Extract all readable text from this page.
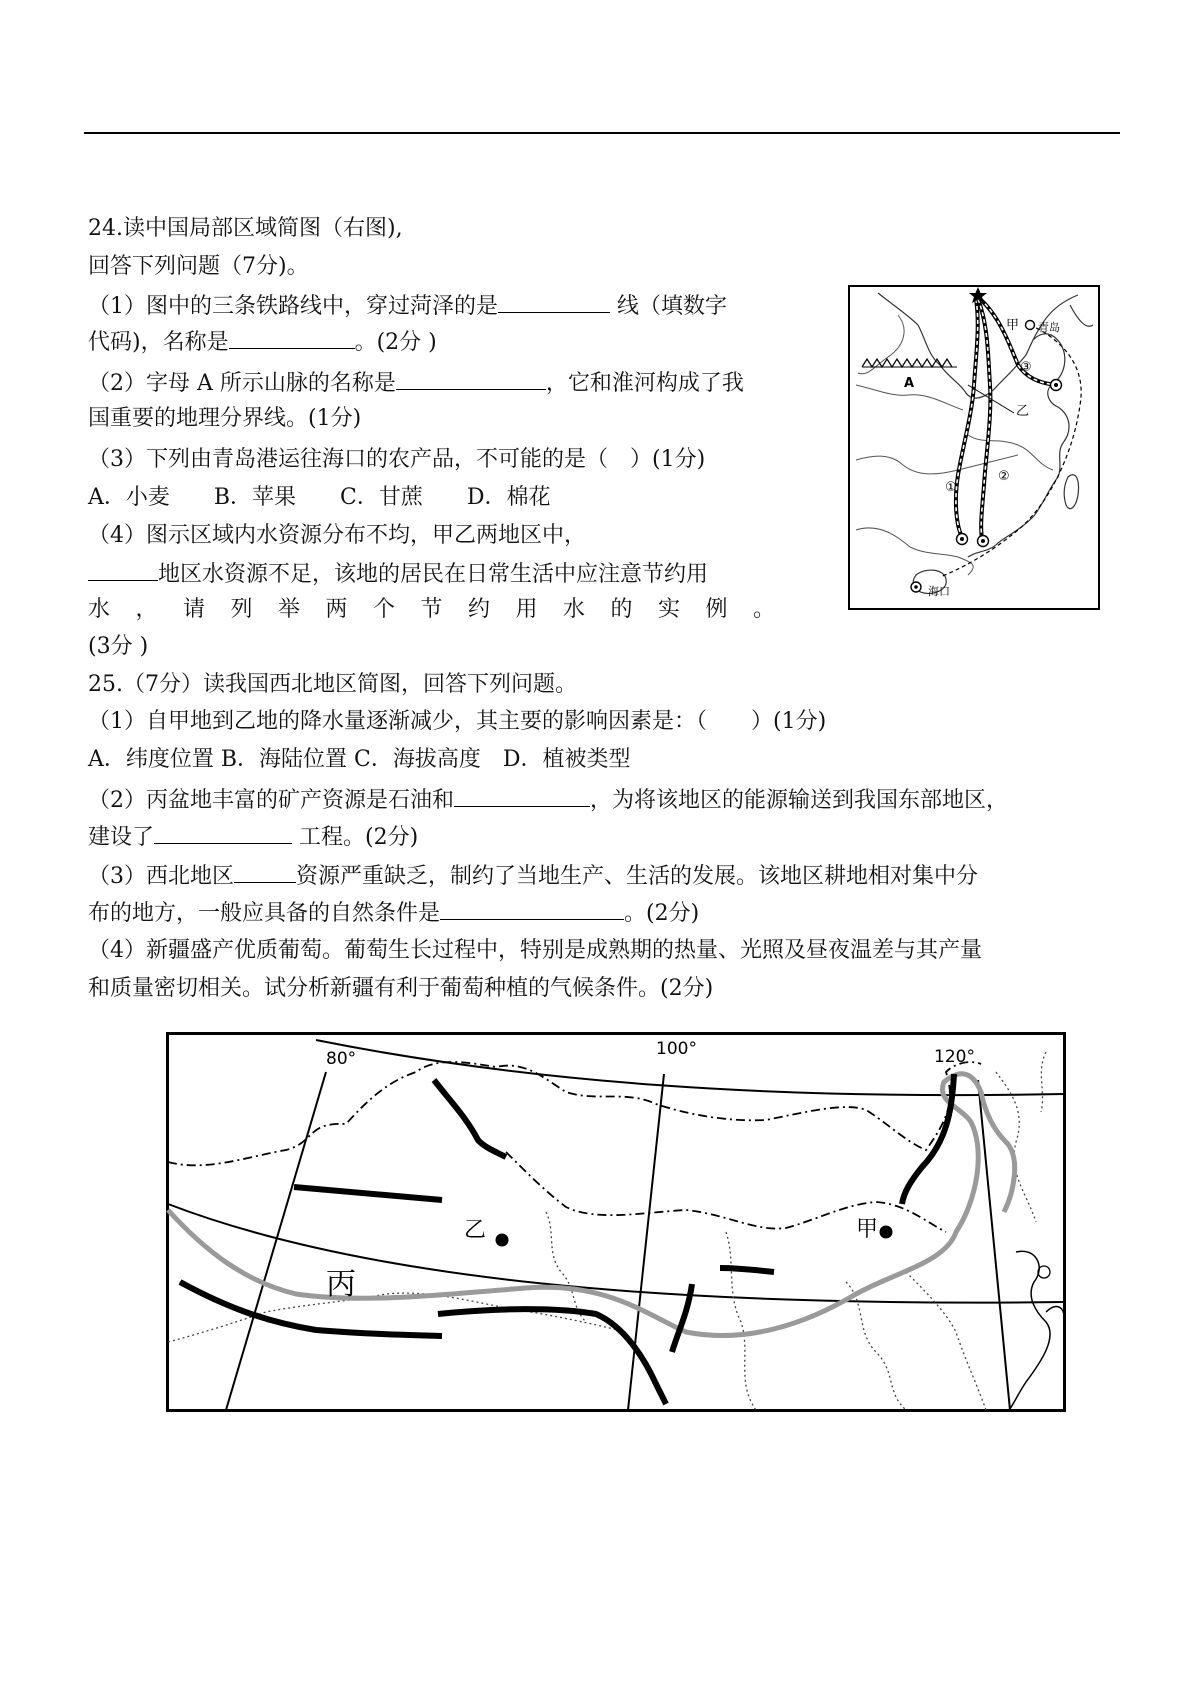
24.读中国局部区域简图（右图),
回答下列问题（7分)。
（1）图中的三条铁路线中，穿过菏泽的是	线（填数字
代码)，名称是	。(2分 )
（2）字母 A 所示山脉的名称是	，它和淮河构成了我
国重要的地理分界线。(1分)
（3）下列由青岛港运往海口的农产品，不可能的是（　）(1分)
A．小麦　　B．苹果　　C．甘蔗　　D．棉花
（4）图示区域内水资源分布不均，甲乙两地区中，
地区水资源不足，该地的居民在日常生活中应注意节约用
水，请列举两个节约用水的实例。
(3分 )
A
甲 青岛
乙
③
②
①
海口
25.（7分）读我国西北地区简图，回答下列问题。
（1）自甲地到乙地的降水量逐渐减少，其主要的影响因素是：（　　）(1分)
A．纬度位置 B．海陆位置 C．海拔高度　D．植被类型
（2）丙盆地丰富的矿产资源是石油和	，为将该地区的能源输送到我国东部地区，
建设了	工程。(2分)
（3）西北地区	资源严重缺乏，制约了当地生产、生活的发展。该地区耕地相对集中分
布的地方，一般应具备的自然条件是	。(2分)
（4）新疆盛产优质葡萄。葡萄生长过程中，特别是成熟期的热量、光照及昼夜温差与其产量
和质量密切相关。试分析新疆有利于葡萄种植的气候条件。(2分)
80°	100°	120°
乙	甲
丙
